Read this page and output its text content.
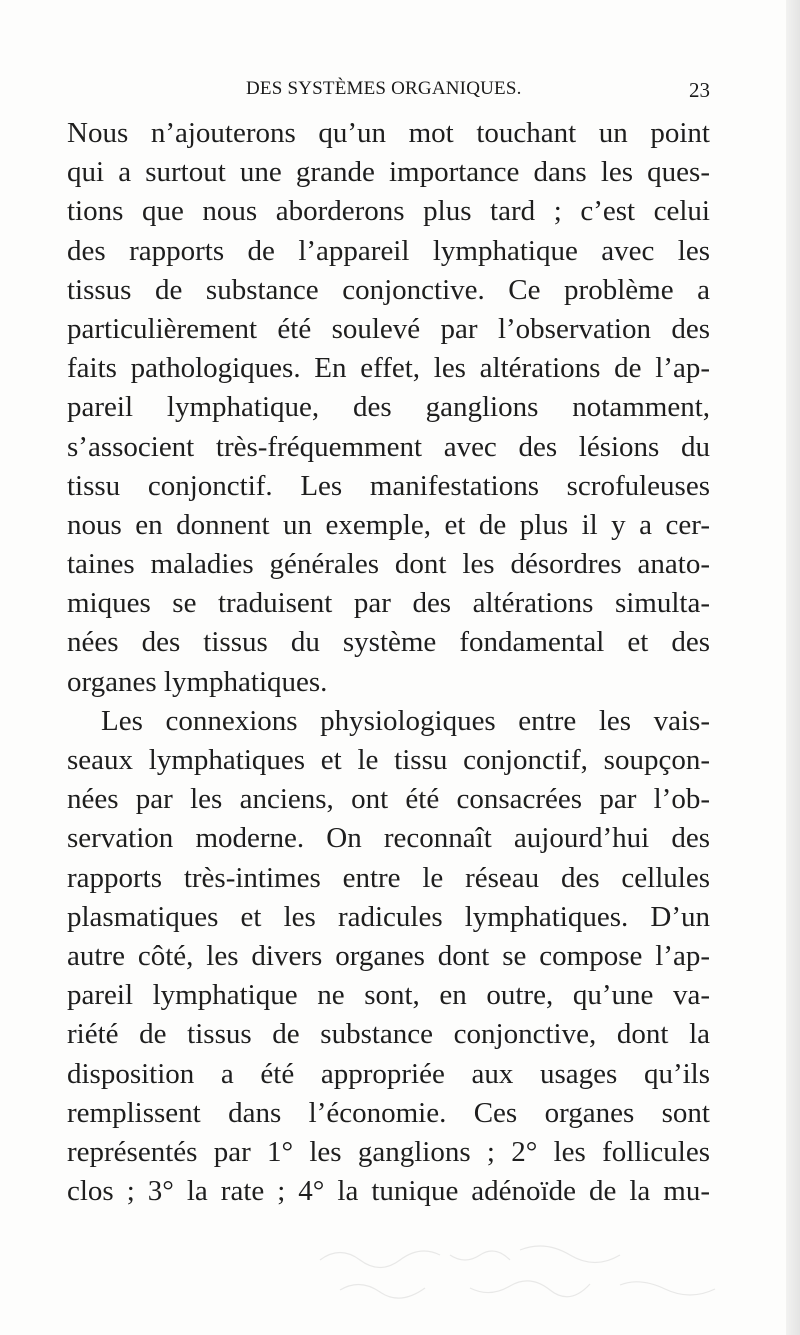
DES SYSTÈMES ORGANIQUES.	23
Nous n’ajouterons qu’un mot touchant un point
qui a surtout une grande importance dans les ques-
tions que nous aborderons plus tard ; c’est celui
des rapports de l’appareil lymphatique avec les
tissus de substance conjonctive. Ce problème a
particulièrement été soulevé par l’observation des
faits pathologiques. En effet, les altérations de l’ap-
pareil lymphatique, des ganglions notamment,
s’associent très-fréquemment avec des lésions du
tissu conjonctif. Les manifestations scrofuleuses
nous en donnent un exemple, et de plus il y a cer-
taines maladies générales dont les désordres anato-
miques se traduisent par des altérations simulta-
nées des tissus du système fondamental et des
organes lymphatiques.
Les connexions physiologiques entre les vais-
seaux lymphatiques et le tissu conjonctif, soupçon-
nées par les anciens, ont été consacrées par l’ob-
servation moderne. On reconnaît aujourd’hui des
rapports très-intimes entre le réseau des cellules
plasmatiques et les radicules lymphatiques. D’un
autre côté, les divers organes dont se compose l’ap-
pareil lymphatique ne sont, en outre, qu’une va-
riété de tissus de substance conjonctive, dont la
disposition a été appropriée aux usages qu’ils
remplissent dans l’économie. Ces organes sont
représentés par 1° les ganglions ; 2° les follicules
clos ; 3° la rate ; 4° la tunique adénoïde de la mu-
